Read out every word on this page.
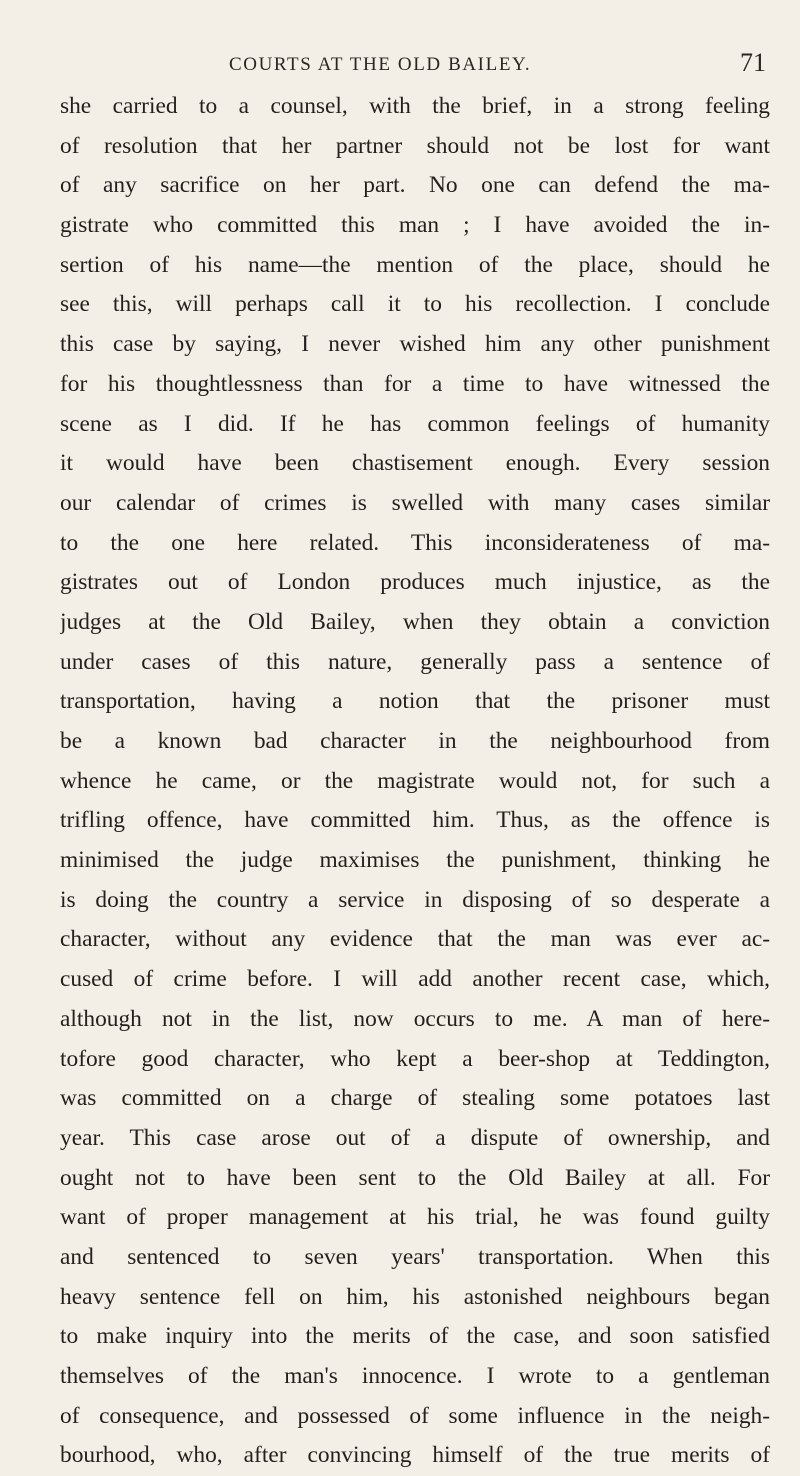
COURTS AT THE OLD BAILEY.	71
she carried to a counsel, with the brief, in a strong feeling
of resolution that her partner should not be lost for want
of any sacrifice on her part. No one can defend the ma-
gistrate who committed this man ; I have avoided the in-
sertion of his name—the mention of the place, should he
see this, will perhaps call it to his recollection. I conclude
this case by saying, I never wished him any other punishment
for his thoughtlessness than for a time to have witnessed the
scene as I did. If he has common feelings of humanity
it would have been chastisement enough. Every session
our calendar of crimes is swelled with many cases similar
to the one here related. This inconsiderateness of ma-
gistrates out of London produces much injustice, as the
judges at the Old Bailey, when they obtain a conviction
under cases of this nature, generally pass a sentence of
transportation, having a notion that the prisoner must
be a known bad character in the neighbourhood from
whence he came, or the magistrate would not, for such a
trifling offence, have committed him. Thus, as the offence is
minimised the judge maximises the punishment, thinking he
is doing the country a service in disposing of so desperate a
character, without any evidence that the man was ever ac-
cused of crime before. I will add another recent case, which,
although not in the list, now occurs to me. A man of here-
tofore good character, who kept a beer-shop at Teddington,
was committed on a charge of stealing some potatoes last
year. This case arose out of a dispute of ownership, and
ought not to have been sent to the Old Bailey at all. For
want of proper management at his trial, he was found guilty
and sentenced to seven years' transportation. When this
heavy sentence fell on him, his astonished neighbours began
to make inquiry into the merits of the case, and soon satisfied
themselves of the man's innocence. I wrote to a gentleman
of consequence, and possessed of some influence in the neigh-
bourhood, who, after convincing himself of the true merits of
